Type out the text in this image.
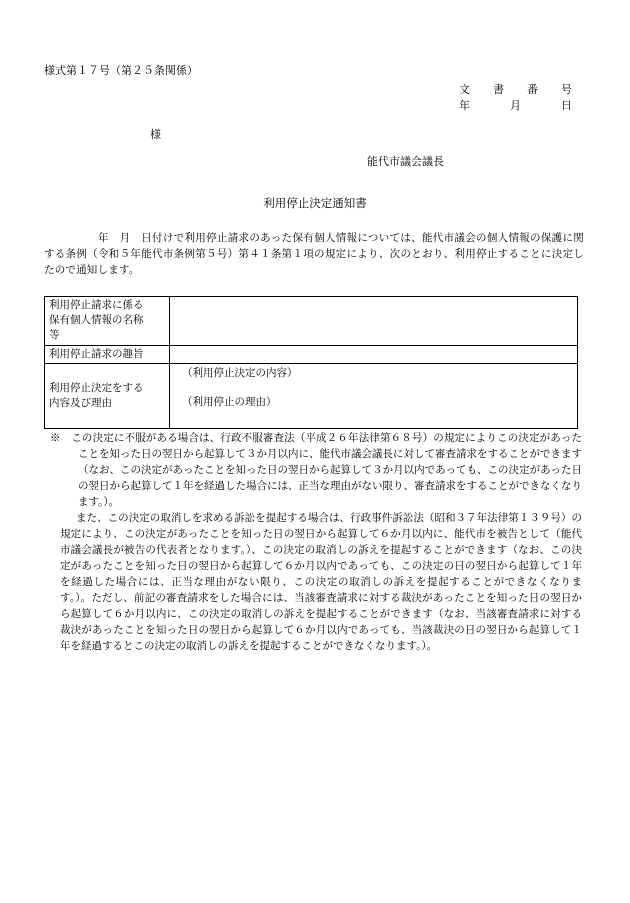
様式第１７号（第２５条関係）
文　書　番　号
年　　月　　日
様
能代市議会議長
利用停止決定通知書

年　月　日付けで利用停止請求のあった保有個人情報については、能代市議会の個人情報の保護に関する条例（令和５年能代市条例第５号）第４１条第１項の規定により、次のとおり、利用停止することに決定したので通知します。

利用停止請求に係る
保有個人情報の名称
等	

利用停止請求の趣旨	

利用停止決定をする
内容及び理由	（利用停止決定の内容）
（利用停止の理由）

※　この決定に不服がある場合は、行政不服審査法（平成２６年法律第６８号）の規定によりこの決定があったことを知った日の翌日から起算して３か月以内に、能代市議会議長に対して審査請求をすることができます（なお、この決定があったことを知った日の翌日から起算して３か月以内であっても、この決定があった日の翌日から起算して１年を経過した場合には、正当な理由がない限り、審査請求をすることができなくなります。）。

また、この決定の取消しを求める訴訟を提起する場合は、行政事件訴訟法（昭和３７年法律第１３９号）の規定により、この決定があったことを知った日の翌日から起算して６か月以内に、能代市を被告として（能代市議会議長が被告の代表者となります。）、この決定の取消しの訴えを提起することができます（なお、この決定があったことを知った日の翌日から起算して６か月以内であっても、この決定の日の翌日から起算して１年を経過した場合には、正当な理由がない限り、この決定の取消しの訴えを提起することができなくなります。）。ただし、前記の審査請求をした場合には、当該審査請求に対する裁決があったことを知った日の翌日から起算して６か月以内に、この決定の取消しの訴えを提起することができます（なお、当該審査請求に対する裁決があったことを知った日の翌日から起算して６か月以内であっても、当該裁決の日の翌日から起算して１年を経過するとこの決定の取消しの訴えを提起することができなくなります。）。
